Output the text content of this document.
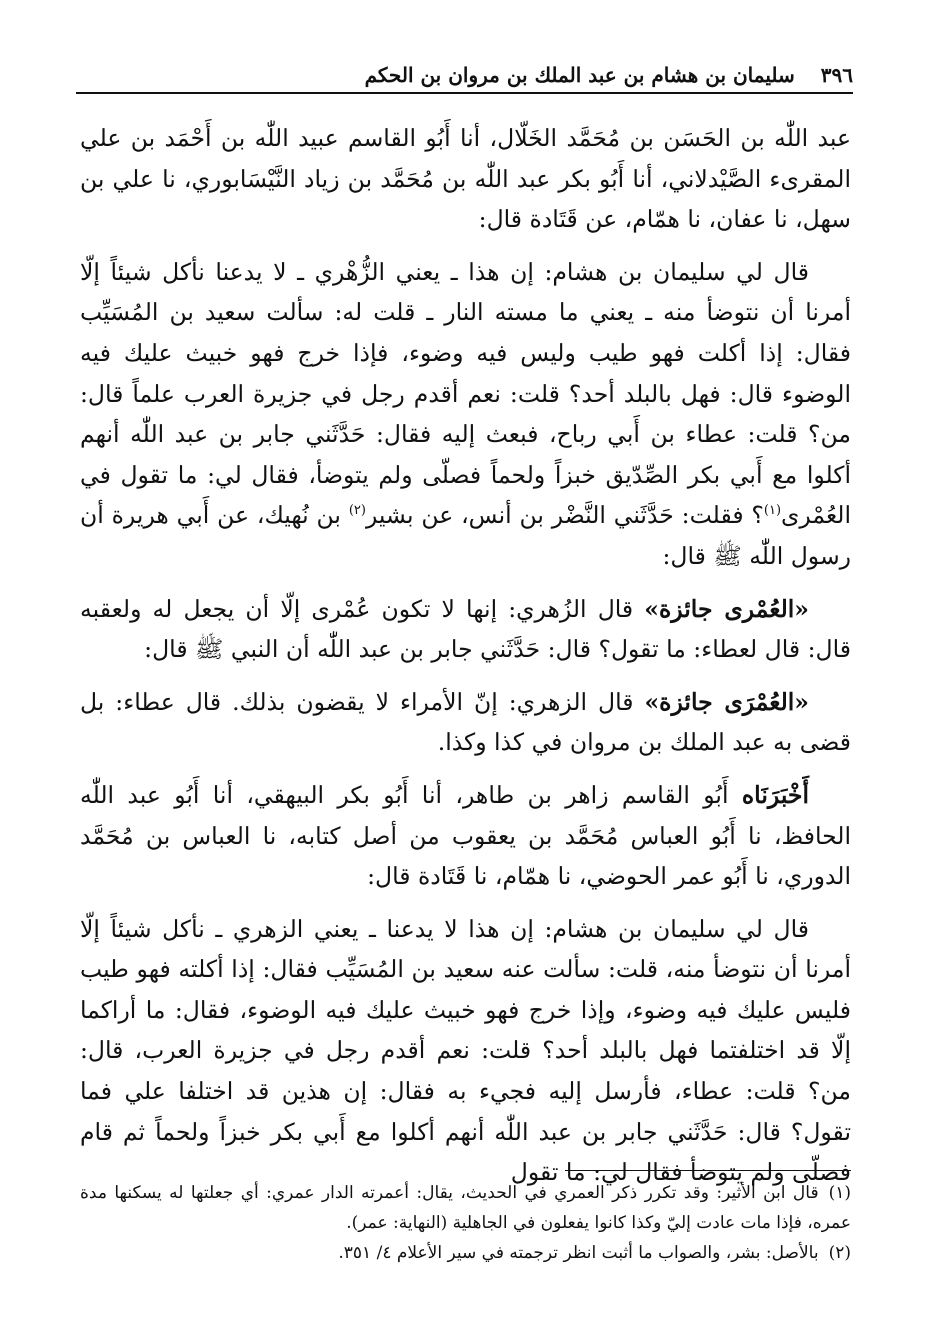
٣٩٦
سليمان بن هشام بن عبد الملك بن مروان بن الحكم

عبد اللّٰه بن الحَسَن بن مُحَمَّد الخَلّال، أنا أَبُو القاسم عبيد اللّٰه بن أَحْمَد بن علي المقرىء الصَّيْدلاني، أنا أَبُو بكر عبد اللّٰه بن مُحَمَّد بن زياد النَّيْسَابوري، نا علي بن سهل، نا عفان، نا همّام، عن قَتَادة قال:

قال لي سليمان بن هشام: إن هذا ـ يعني الزُّهْري ـ لا يدعنا نأكل شيئاً إلّا أمرنا أن نتوضأ منه ـ يعني ما مسته النار ـ قلت له: سألت سعيد بن المُسَيِّب فقال: إذا أكلت فهو طيب وليس فيه وضوء، فإذا خرج فهو خبيث عليك فيه الوضوء قال: فهل بالبلد أحد؟ قلت: نعم أقدم رجل في جزيرة العرب علماً قال: من؟ قلت: عطاء بن أَبي رباح، فبعث إليه فقال: حَدَّثَني جابر بن عبد اللّٰه أنهم أكلوا مع أَبي بكر الصِّدّيق خبزاً ولحماً فصلّى ولم يتوضأ، فقال لي: ما تقول في العُمْرى$^{(١)}$؟ فقلت: حَدَّثَني النَّضْر بن أنس، عن بشير$^{(٢)}$ بن نُهيك، عن أَبي هريرة أن رسول اللّٰه ﷺ قال:

«العُمْرى جائزة» قال الزُهري: إنها لا تكون عُمْرى إلّا أن يجعل له ولعقبه قال: قال لعطاء: ما تقول؟ قال: حَدَّثَني جابر بن عبد اللّٰه أن النبي ﷺ قال:

«العُمْرَى جائزة» قال الزهري: إنّ الأمراء لا يقضون بذلك. قال عطاء: بل قضى به عبد الملك بن مروان في كذا وكذا.

أَخْبَرَنَاه أَبُو القاسم زاهر بن طاهر، أنا أَبُو بكر البيهقي، أنا أَبُو عبد اللّٰه الحافظ، نا أَبُو العباس مُحَمَّد بن يعقوب من أصل كتابه، نا العباس بن مُحَمَّد الدوري، نا أَبُو عمر الحوضي، نا همّام، نا قَتَادة قال:

قال لي سليمان بن هشام: إن هذا لا يدعنا ـ يعني الزهري ـ نأكل شيئاً إلّا أمرنا أن نتوضأ منه، قلت: سألت عنه سعيد بن المُسَيِّب فقال: إذا أكلته فهو طيب فليس عليك فيه وضوء، وإذا خرج فهو خبيث عليك فيه الوضوء، فقال: ما أراكما إلّا قد اختلفتما فهل بالبلد أحد؟ قلت: نعم أقدم رجل في جزيرة العرب، قال: من؟ قلت: عطاء، فأرسل إليه فجيء به فقال: إن هذين قد اختلفا علي فما تقول؟ قال: حَدَّثَني جابر بن عبد اللّٰه أنهم أكلوا مع أَبي بكر خبزاً ولحماً ثم قام فصلّى ولم يتوضأ فقال لي: ما تقول

(١)قال ابن الأثير: وقد تكرر ذكر العمري في الحديث، يقال: أعمرته الدار عمري: أي جعلتها له يسكنها مدة عمره، فإذا مات عادت إليّ وكذا كانوا يفعلون في الجاهلية (النهاية: عمر).

(٢)بالأصل: بشر، والصواب ما أثبت انظر ترجمته في سير الأعلام ٤/ ٣٥١.
